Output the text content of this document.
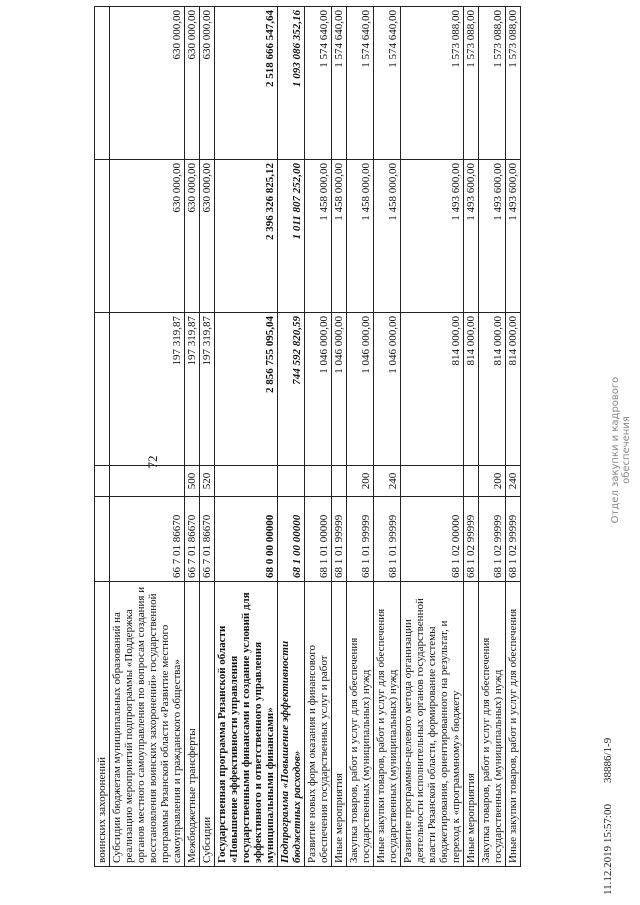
72
воинских захоронений					
Субсидии бюджетам муниципальных образований на реализацию мероприятий подпрограммы «Поддержка органов местного самоуправления по вопросам создания и восстановления воинских захоронений» государственной программы Рязанской области «Развитие местного самоуправления и гражданского общества»	66 7 01 86670		197 319,87	630 000,00	630 000,00
Межбюджетные трансферты	66 7 01 86670	500	197 319,87	630 000,00	630 000,00
Субсидии	66 7 01 86670	520	197 319,87	630 000,00	630 000,00
Государственная программа Рязанской области «Повышение эффективности управления государственными финансами и создание условий для эффективного и ответственного управления муниципальными финансами»	68 0 00 00000		2 856 755 095,04	2 396 326 825,12	2 518 666 547,64
Подпрограмма «Повышение эффективности бюджетных расходов»	68 1 00 00000		744 592 820,59	1 011 807 252,00	1 093 086 352,16
Развитие новых форм оказания и финансового обеспечения государственных услуг и работ	68 1 01 00000		1 046 000,00	1 458 000,00	1 574 640,00
Иные мероприятия	68 1 01 99999		1 046 000,00	1 458 000,00	1 574 640,00
Закупка товаров, работ и услуг для обеспечения государственных (муниципальных) нужд	68 1 01 99999	200	1 046 000,00	1 458 000,00	1 574 640,00
Иные закупки товаров, работ и услуг для обеспечения государственных (муниципальных) нужд	68 1 01 99999	240	1 046 000,00	1 458 000,00	1 574 640,00
Развитие программно-целевого метода организации деятельности исполнительных органов государственной власти Рязанской области, формирование системы бюджетирования, ориентированного на результат, и переход к «программному» бюджету	68 1 02 00000		814 000,00	1 493 600,00	1 573 088,00
Иные мероприятия	68 1 02 99999		814 000,00	1 493 600,00	1 573 088,00
Закупка товаров, работ и услуг для обеспечения государственных (муниципальных) нужд	68 1 02 99999	200	814 000,00	1 493 600,00	1 573 088,00
Иные закупки товаров, работ и услуг для обеспечения	68 1 02 99999	240	814 000,00	1 493 600,00	1 573 088,00
Отдел закупки и кадрового обеспечения
11.12.2019 15:57:00
38886/1-9
